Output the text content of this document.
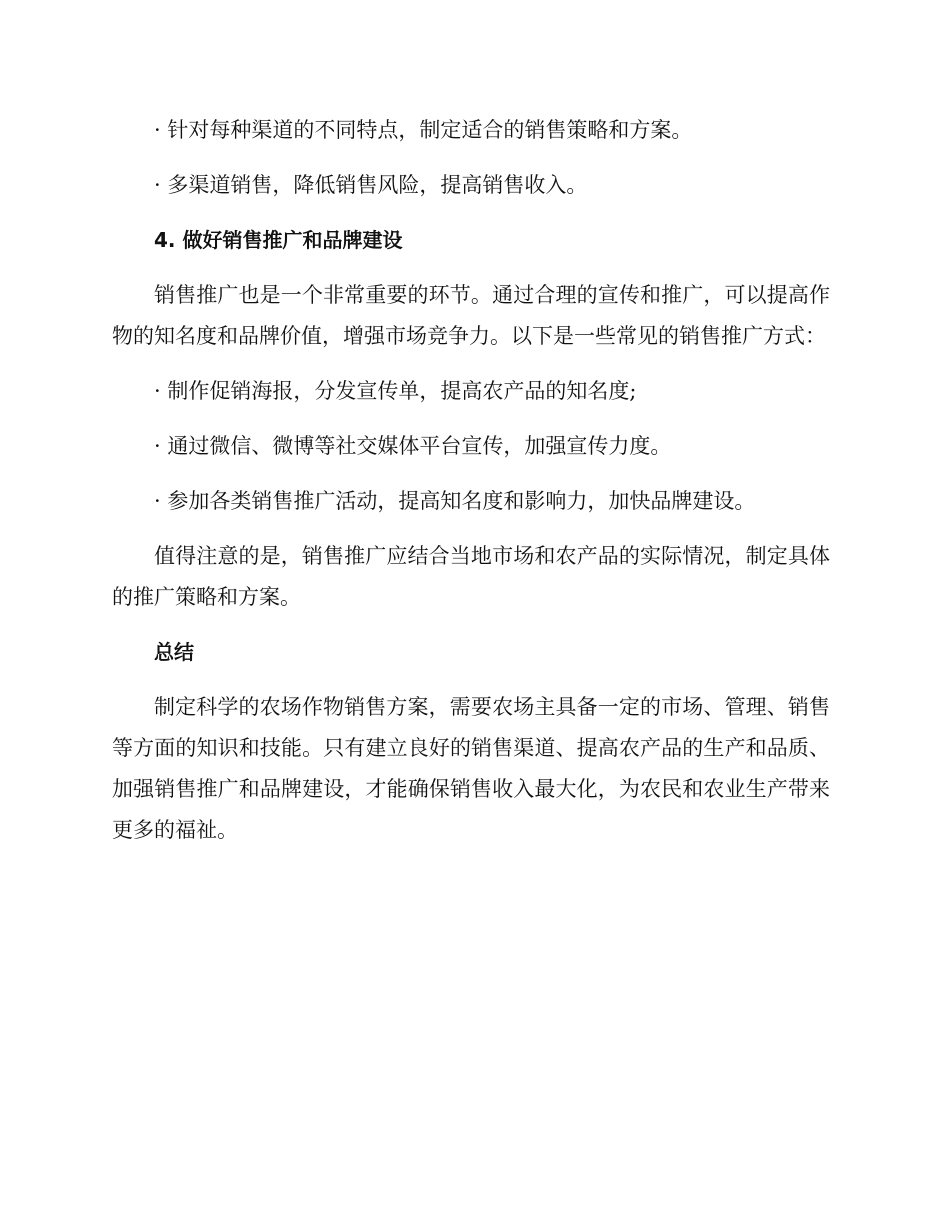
· 针对每种渠道的不同特点，制定适合的销售策略和方案。
· 多渠道销售，降低销售风险，提高销售收入。
4. 做好销售推广和品牌建设

销售推广也是一个非常重要的环节。通过合理的宣传和推广，可以提高作物的知名度和品牌价值，增强市场竞争力。以下是一些常见的销售推广方式：

· 制作促销海报，分发宣传单，提高农产品的知名度;
· 通过微信、微博等社交媒体平台宣传，加强宣传力度。
· 参加各类销售推广活动，提高知名度和影响力，加快品牌建设。

值得注意的是，销售推广应结合当地市场和农产品的实际情况，制定具体的推广策略和方案。

总结

制定科学的农场作物销售方案，需要农场主具备一定的市场、管理、销售等方面的知识和技能。只有建立良好的销售渠道、提高农产品的生产和品质、加强销售推广和品牌建设，才能确保销售收入最大化，为农民和农业生产带来更多的福祉。
